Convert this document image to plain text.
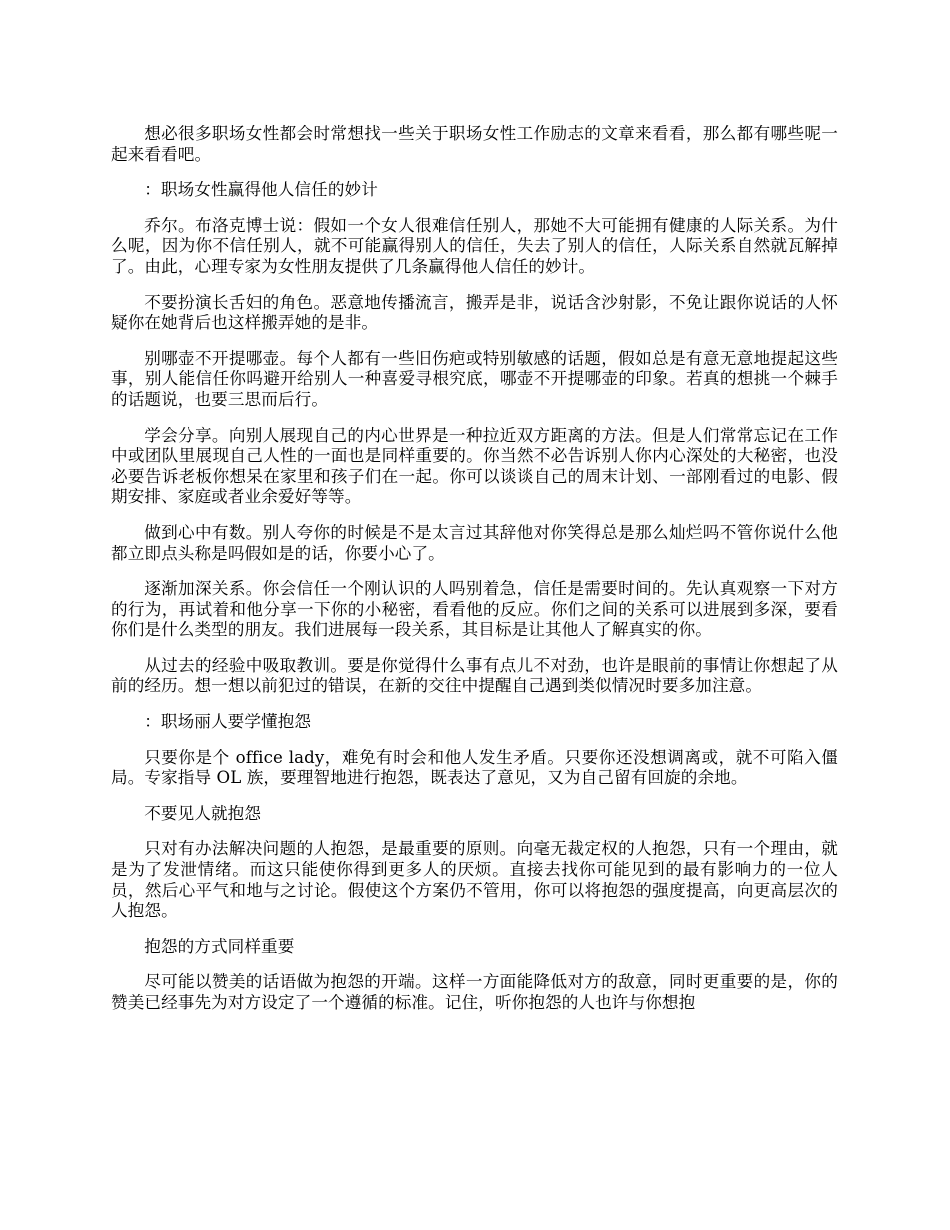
想必很多职场女性都会时常想找一些关于职场女性工作励志的文章来看看，那么都有哪些呢一起来看看吧。

：职场女性赢得他人信任的妙计

乔尔。布洛克博士说：假如一个女人很难信任别人，那她不大可能拥有健康的人际关系。为什么呢，因为你不信任别人，就不可能赢得别人的信任，失去了别人的信任，人际关系自然就瓦解掉了。由此，心理专家为女性朋友提供了几条赢得他人信任的妙计。

不要扮演长舌妇的角色。恶意地传播流言，搬弄是非，说话含沙射影，不免让跟你说话的人怀疑你在她背后也这样搬弄她的是非。

别哪壶不开提哪壶。每个人都有一些旧伤疤或特别敏感的话题，假如总是有意无意地提起这些事，别人能信任你吗避开给别人一种喜爱寻根究底，哪壶不开提哪壶的印象。若真的想挑一个棘手的话题说，也要三思而后行。

学会分享。向别人展现自己的内心世界是一种拉近双方距离的方法。但是人们常常忘记在工作中或团队里展现自己人性的一面也是同样重要的。你当然不必告诉别人你内心深处的大秘密，也没必要告诉老板你想呆在家里和孩子们在一起。你可以谈谈自己的周末计划、一部刚看过的电影、假期安排、家庭或者业余爱好等等。

做到心中有数。别人夸你的时候是不是太言过其辞他对你笑得总是那么灿烂吗不管你说什么他都立即点头称是吗假如是的话，你要小心了。

逐渐加深关系。你会信任一个刚认识的人吗别着急，信任是需要时间的。先认真观察一下对方的行为，再试着和他分享一下你的小秘密，看看他的反应。你们之间的关系可以进展到多深，要看你们是什么类型的朋友。我们进展每一段关系，其目标是让其他人了解真实的你。

从过去的经验中吸取教训。要是你觉得什么事有点儿不对劲，也许是眼前的事情让你想起了从前的经历。想一想以前犯过的错误，在新的交往中提醒自己遇到类似情况时要多加注意。

：职场丽人要学懂抱怨

只要你是个 office lady，难免有时会和他人发生矛盾。只要你还没想调离或，就不可陷入僵局。专家指导 OL 族，要理智地进行抱怨，既表达了意见，又为自己留有回旋的余地。

不要见人就抱怨

只对有办法解决问题的人抱怨，是最重要的原则。向毫无裁定权的人抱怨，只有一个理由，就是为了发泄情绪。而这只能使你得到更多人的厌烦。直接去找你可能见到的最有影响力的一位人员，然后心平气和地与之讨论。假使这个方案仍不管用，你可以将抱怨的强度提高，向更高层次的人抱怨。

抱怨的方式同样重要

尽可能以赞美的话语做为抱怨的开端。这样一方面能降低对方的敌意，同时更重要的是，你的赞美已经事先为对方设定了一个遵循的标准。记住，听你抱怨的人也许与你想抱
